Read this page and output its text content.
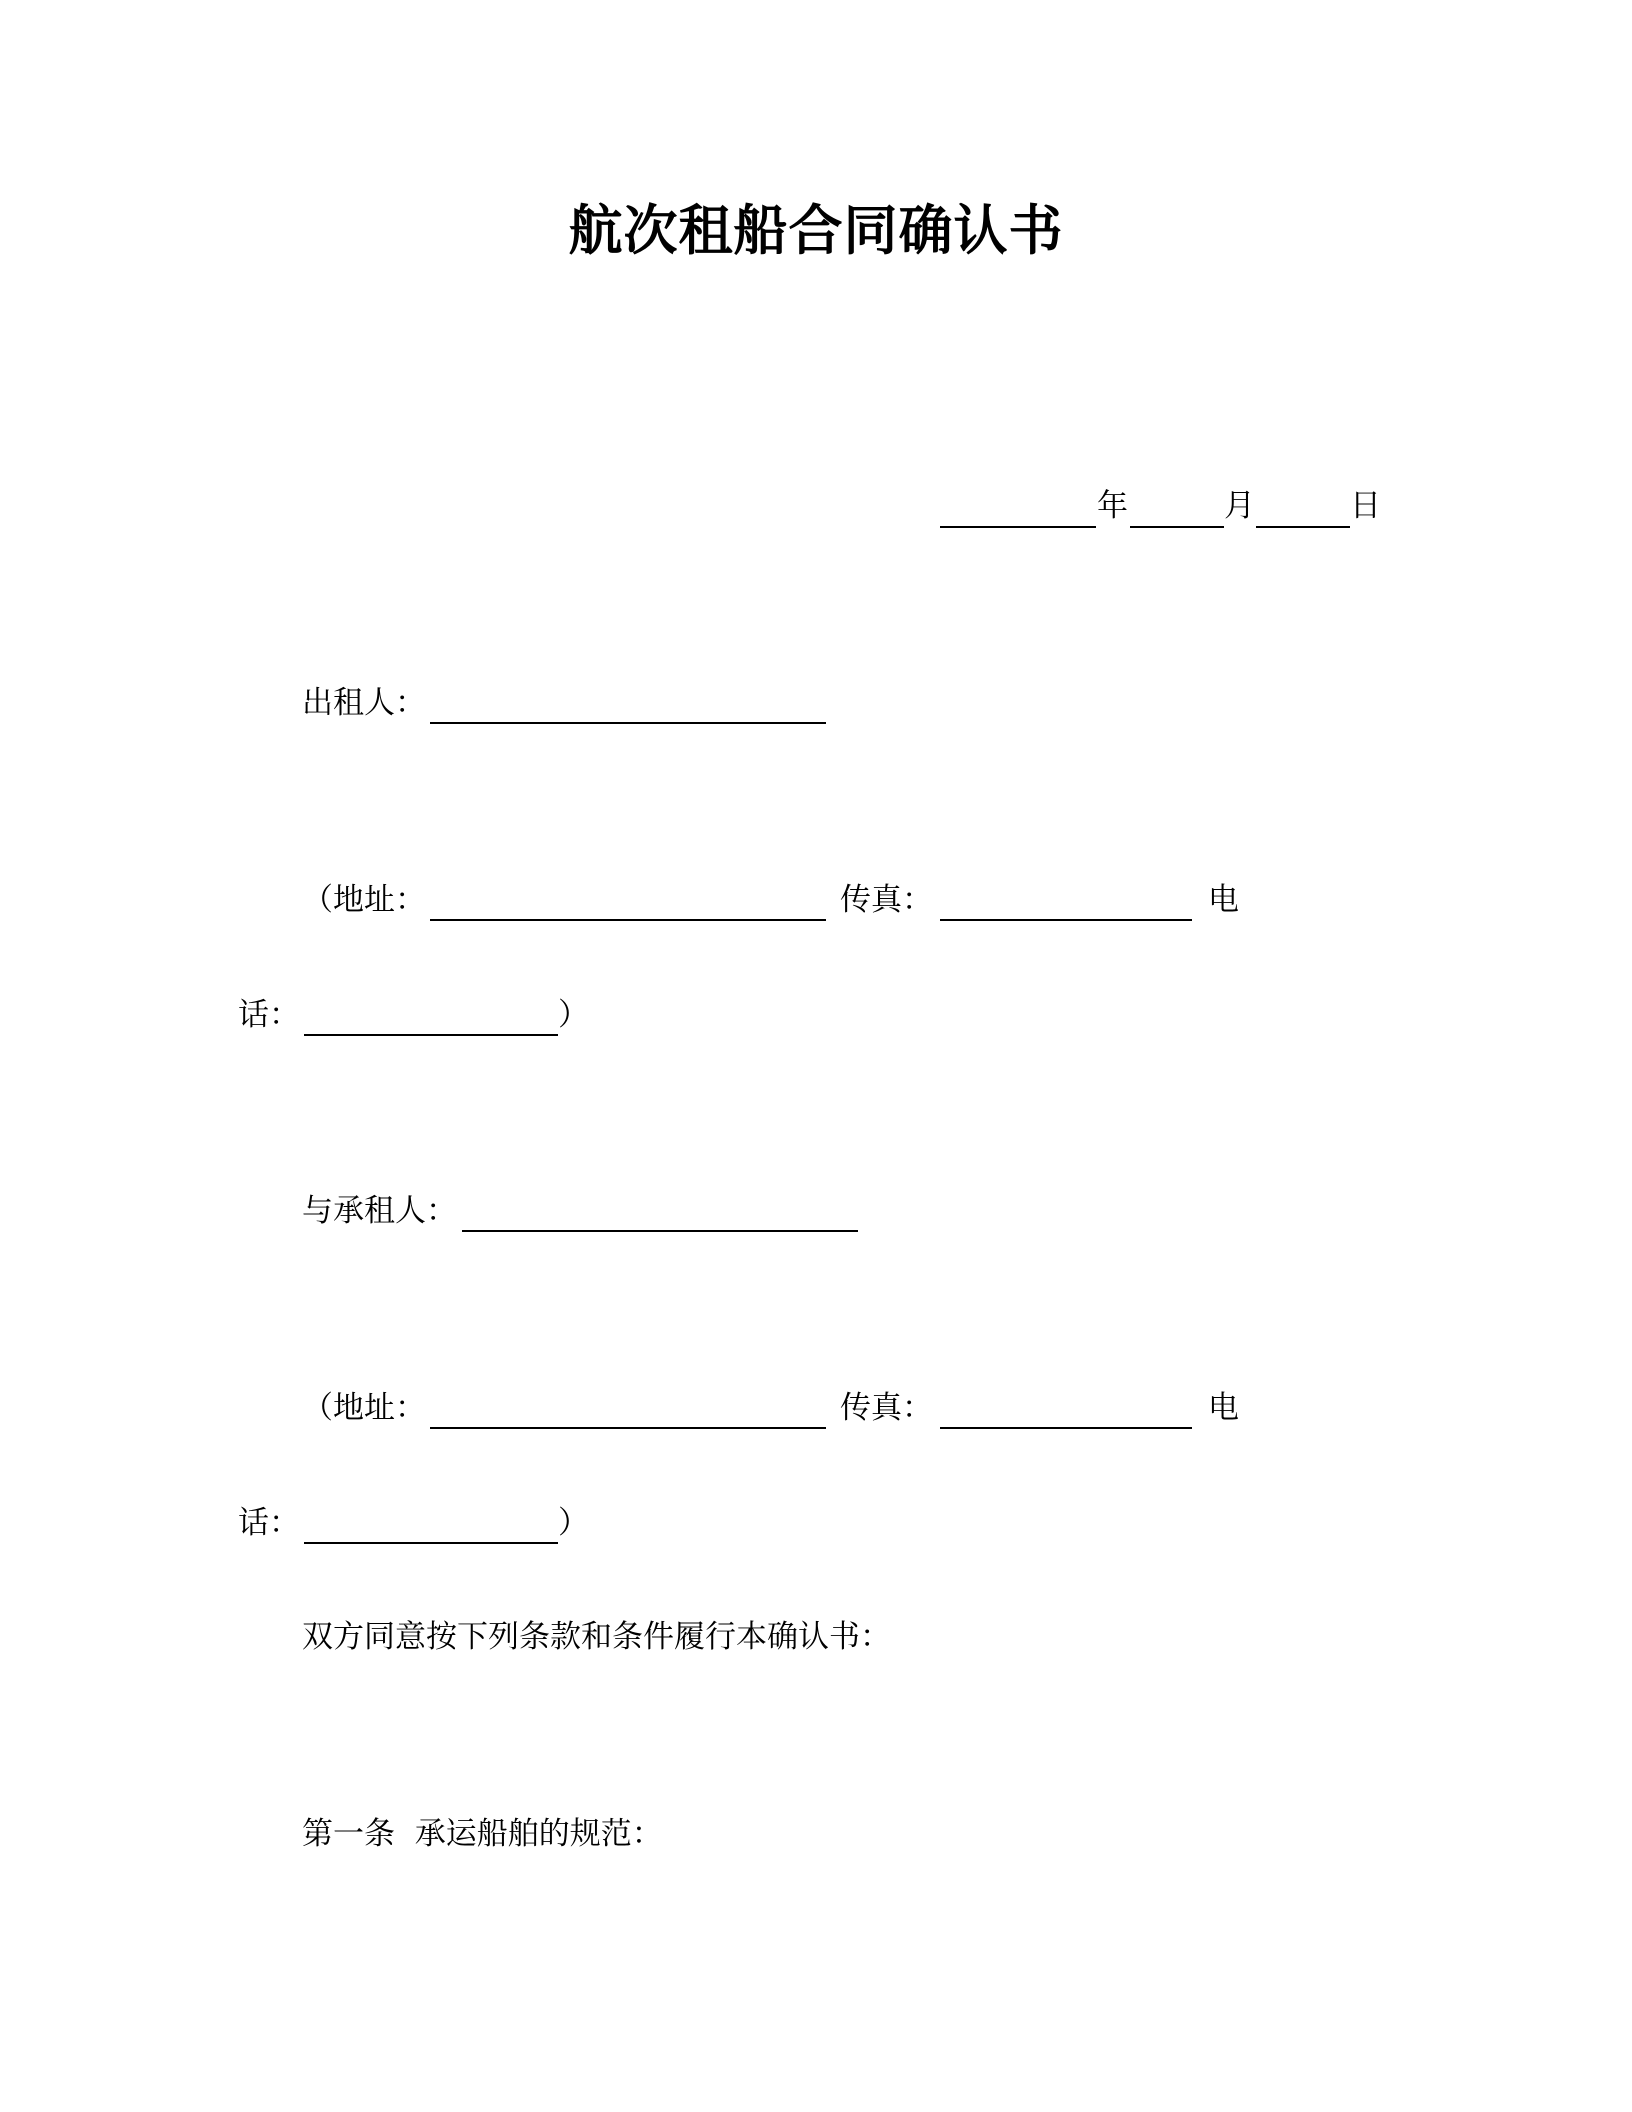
航次租船合同确认书
年	月	日
出租人：
（地址：	传真：	电
话：	）
与承租人：
（地址：	传真：	电
话：	）
双方同意按下列条款和条件履行本确认书：
第一条  承运船舶的规范：
